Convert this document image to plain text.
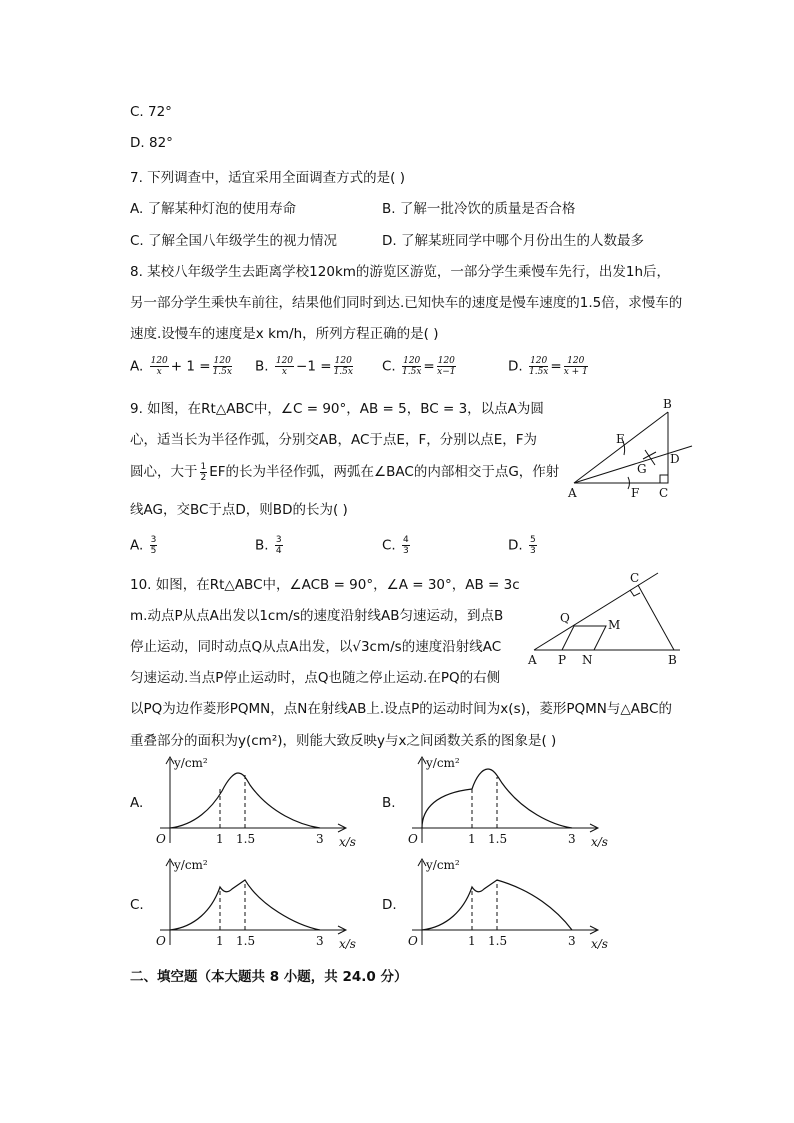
C. 72°
D. 82°
7. 下列调查中，适宜采用全面调查方式的是( )
A. 了解某种灯泡的使用寿命	B. 了解一批冷饮的质量是否合格
C. 了解全国八年级学生的视力情况	D. 了解某班同学中哪个月份出生的人数最多
8. 某校八年级学生去距离学校120km的游览区游览，一部分学生乘慢车先行，出发1h后，
另一部分学生乘快车前往，结果他们同时到达.已知快车的速度是慢车速度的1.5倍，求慢车的
速度.设慢车的速度是x km/h，所列方程正确的是( )
A. $\frac{120}{x} + 1 = \frac{120}{1.5x} B$. $\frac{120}{x} -1 = \frac{120}{1.5x} C$. $\frac{120}{1.5x} = \frac{120}{x-1}$	D. $\frac{120}{1.5x} = \frac{120}{x + 1}$
9. 如图，在Rt△ABC中，∠C = 90°，AB = 5，BC = 3，以点A为圆
心，适当长为半径作弧，分别交AB，AC于点E，F，分别以点E，F为
圆心，大于 $\frac{1}{2}$ EF的长为半径作弧，两弧在∠BAC的内部相交于点G，作射
线AG，交BC于点D，则BD的长为( )
A. $\frac{3}{5}$	B. $\frac{3}{4}$	C. $\frac{4}{3}$	D. $\frac{5}{3}$
B
E
D
G
A	F C
10. 如图，在Rt△ABC中，∠ACB = 90°，∠A = 30°，AB = 3c
m.动点P从点A出发以1cm/s的速度沿射线AB匀速运动，到点B
停止运动，同时动点Q从点A出发，以√3cm/s的速度沿射线AC
匀速运动.当点P停止运动时，点Q也随之停止运动.在PQ的右侧
以PQ为边作菱形PQMN，点N在射线AB上.设点P的运动时间为x(s)，菱形PQMN与△ABC的
重叠部分的面积为y(cm²)，则能大致反映y与x之间函数关系的图象是( )
C
Q	M
A P N	B
A.
y/cm²
O	1 1.5	3 x/s
B.
y/cm²
O	1 1.5	3 x/s
C.
y/cm²
O	1 1.5	3 x/s
D.
y/cm²
O	1 1.5	3 x/s
二、填空题（本大题共 8 小题，共 24.0 分）
